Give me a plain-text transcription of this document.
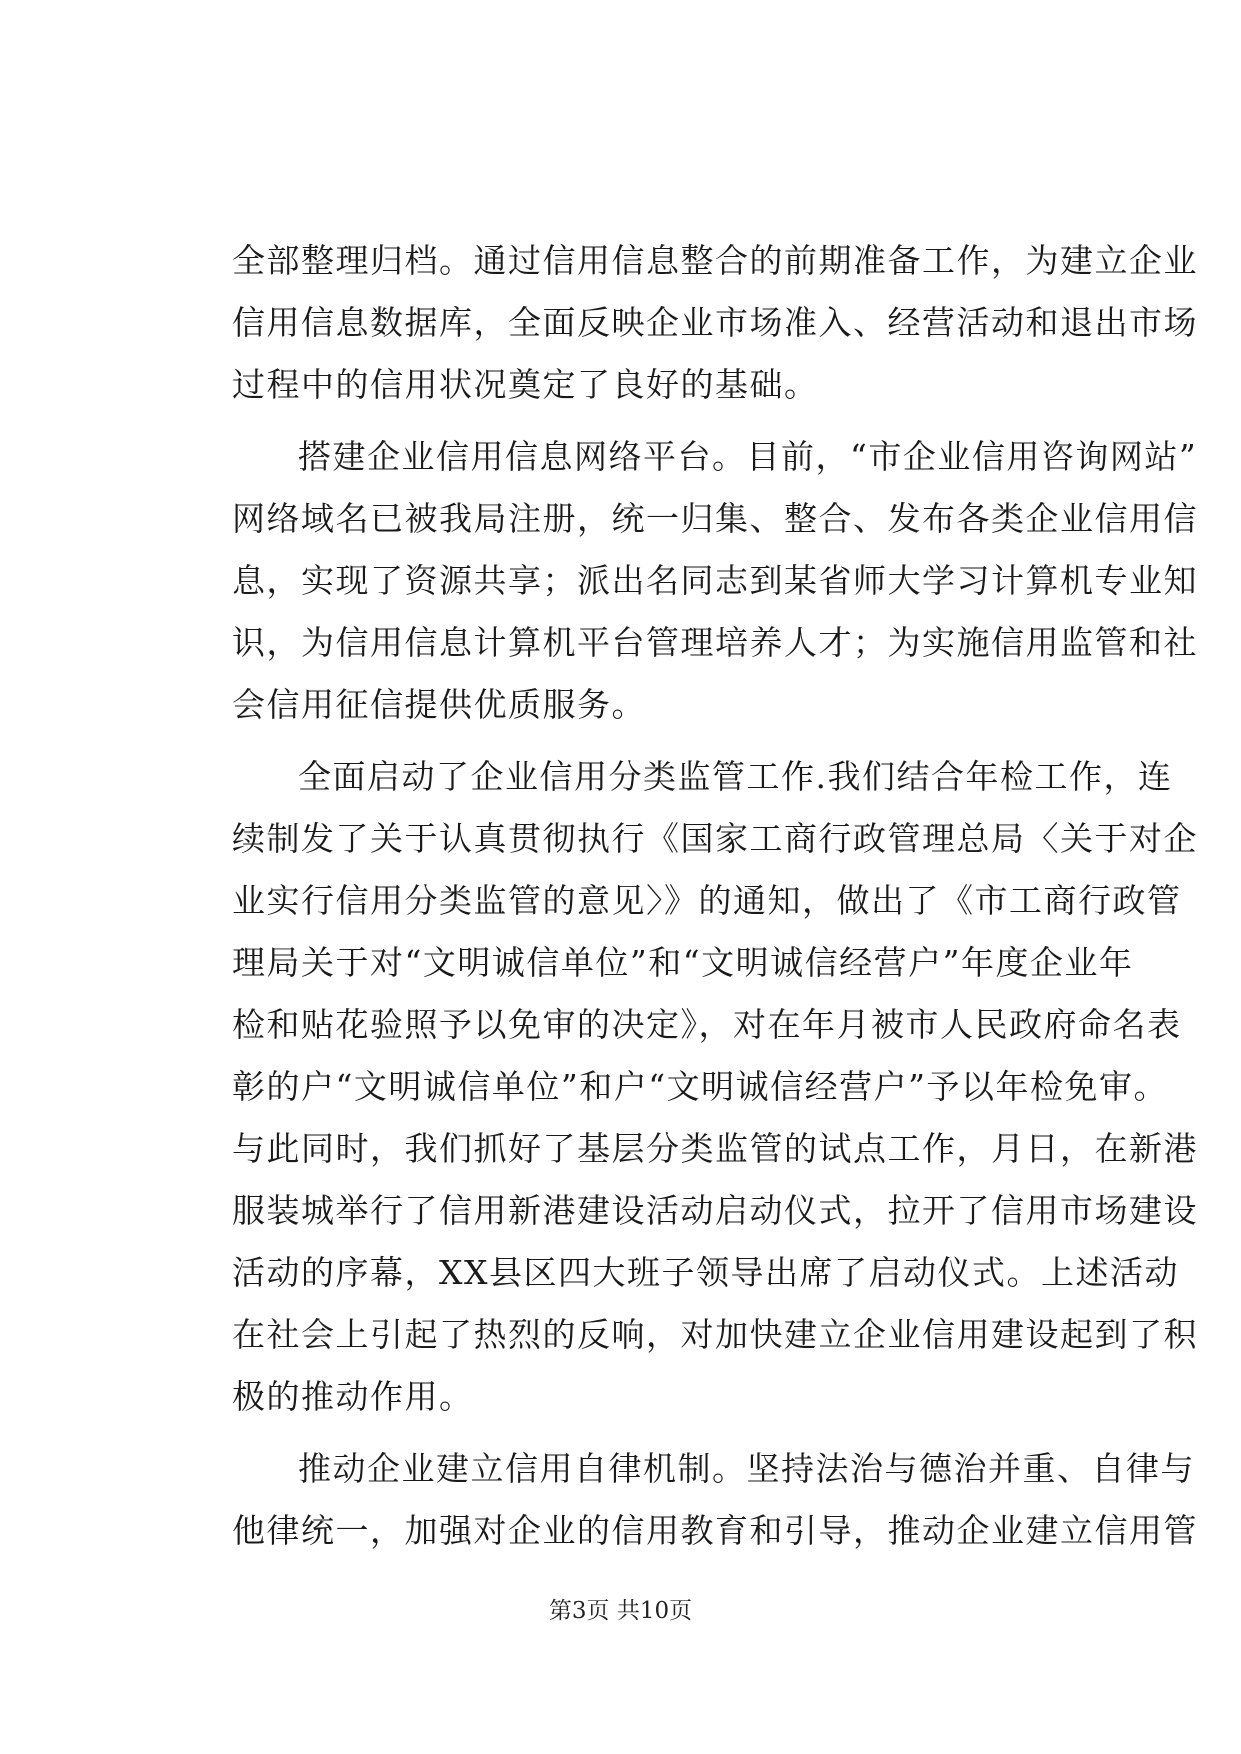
全部整理归档。通过信用信息整合的前期准备工作，为建立企业
信用信息数据库，全面反映企业市场准入、经营活动和退出市场
过程中的信用状况奠定了良好的基础。
搭建企业信用信息网络平台。目前，“市企业信用咨询网站”
网络域名已被我局注册，统一归集、整合、发布各类企业信用信
息，实现了资源共享；派出名同志到某省师大学习计算机专业知
识，为信用信息计算机平台管理培养人才；为实施信用监管和社
会信用征信提供优质服务。
全面启动了企业信用分类监管工作.我们结合年检工作，连
续制发了关于认真贯彻执行《国家工商行政管理总局〈关于对企
业实行信用分类监管的意见〉》的通知，做出了《市工商行政管
理局关于对“文明诚信单位”和“文明诚信经营户”年度企业年
检和贴花验照予以免审的决定》，对在年月被市人民政府命名表
彰的户“文明诚信单位”和户“文明诚信经营户”予以年检免审。
与此同时，我们抓好了基层分类监管的试点工作，月日，在新港
服装城举行了信用新港建设活动启动仪式，拉开了信用市场建设
活动的序幕，XX县区四大班子领导出席了启动仪式。上述活动
在社会上引起了热烈的反响，对加快建立企业信用建设起到了积
极的推动作用。
推动企业建立信用自律机制。坚持法治与德治并重、自律与
他律统一，加强对企业的信用教育和引导，推动企业建立信用管
第3页 共10页
